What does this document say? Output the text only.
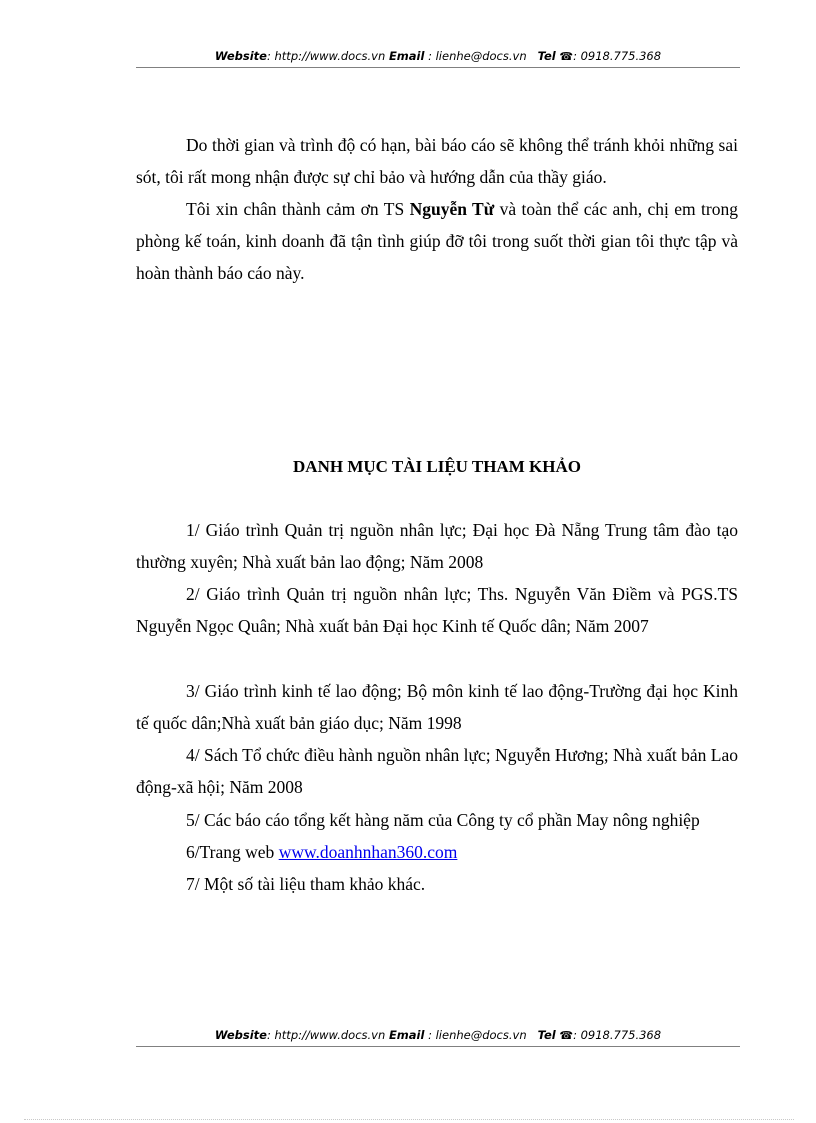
Website: http://www.docs.vn Email : lienhe@docs.vn Tel ☎: 0918.775.368

Do thời gian và trình độ có hạn, bài báo cáo sẽ không thể tránh khỏi những sai sót, tôi rất mong nhận được sự chỉ bảo và hướng dẫn của thầy giáo.

Tôi xin chân thành cảm ơn TS Nguyễn Từ và toàn thể các anh, chị em trong phòng kế toán, kinh doanh đã tận tình giúp đỡ tôi trong suốt thời gian tôi thực tập và hoàn thành báo cáo này.

DANH MỤC TÀI LIỆU THAM KHẢO

1/ Giáo trình Quản trị nguồn nhân lực; Đại học Đà Nẵng Trung tâm đào tạo thường xuyên; Nhà xuất bản lao động; Năm 2008

2/ Giáo trình Quản trị nguồn nhân lực; Ths. Nguyễn Văn Điềm và PGS.TS Nguyễn Ngọc Quân; Nhà xuất bản Đại học Kinh tế Quốc dân; Năm 2007

3/ Giáo trình kinh tế lao động; Bộ môn kinh tế lao động-Trường đại học Kinh tế quốc dân;Nhà xuất bản giáo dục; Năm 1998

4/ Sách Tổ chức điều hành nguồn nhân lực; Nguyễn Hương; Nhà xuất bản Lao động-xã hội; Năm 2008

5/ Các báo cáo tổng kết hàng năm của Công ty cổ phần May nông nghiệp

6/Trang web www.doanhnhan360.com

7/ Một số tài liệu tham khảo khác.

Website: http://www.docs.vn Email : lienhe@docs.vn Tel ☎: 0918.775.368
